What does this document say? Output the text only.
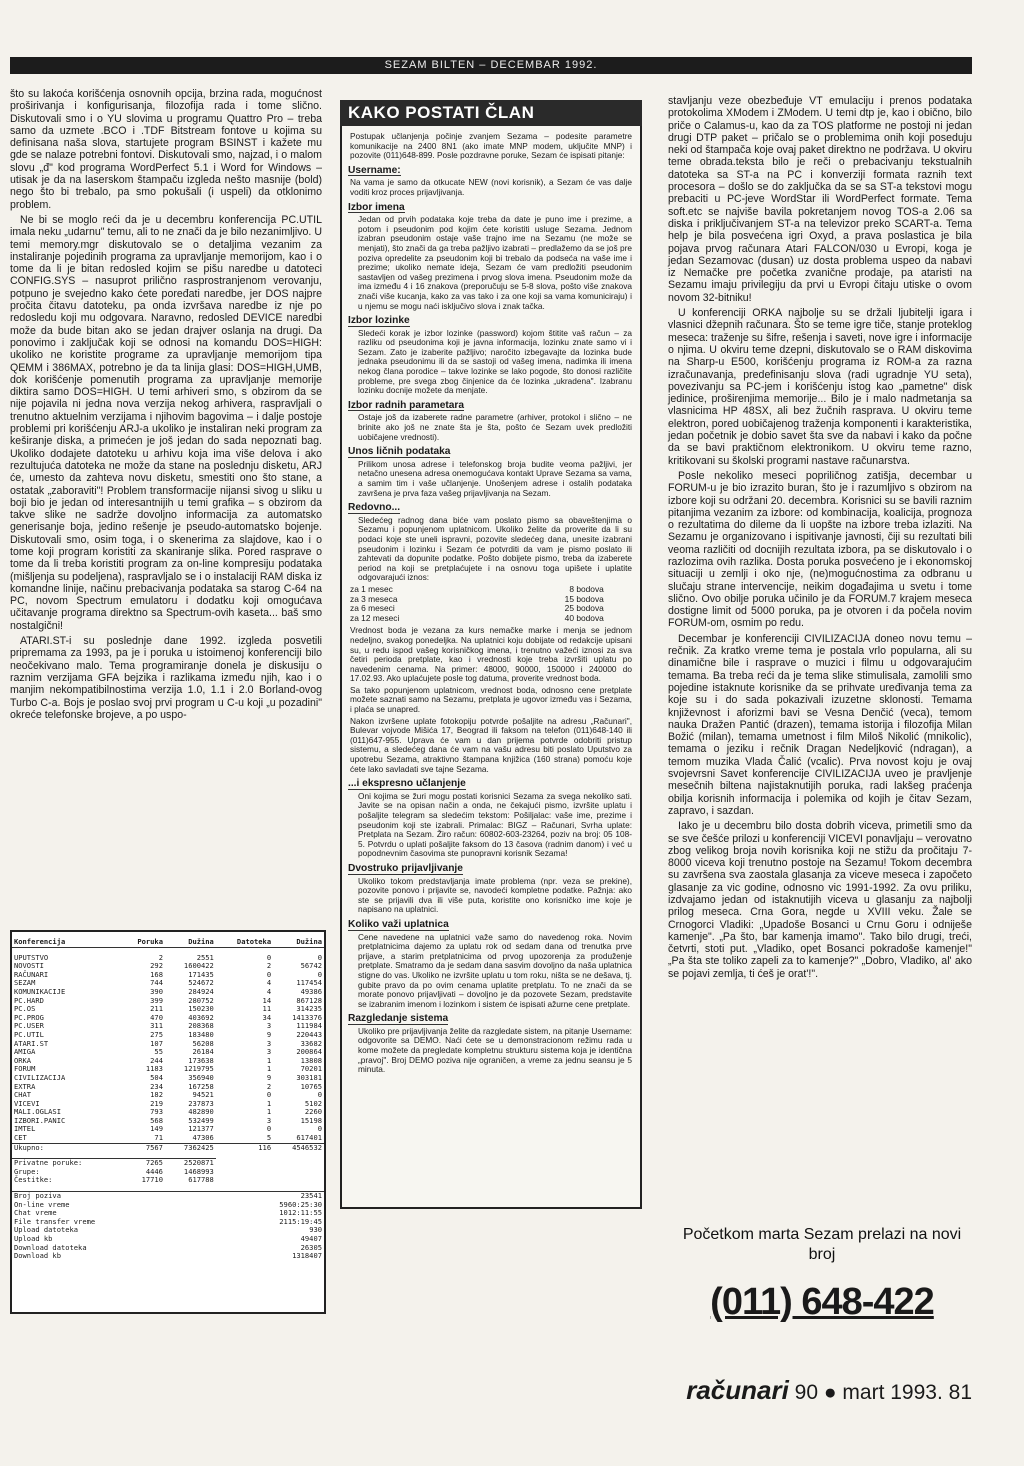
SEZAM BILTEN – DECEMBAR 1992.

što su lakoća korišćenja osnovnih opcija, brzina rada, mogućnost proširivanja i konfigurisanja, filozofija rada i tome slično. Diskutovali smo i o YU slovima u programu Quattro Pro – treba samo da uzmete .BCO i .TDF Bitstream fontove u kojima su definisana naša slova, startujete program BSINST i kažete mu gde se nalaze potrebni fontovi. Diskutovali smo, najzad, i o malom slovu „đ" kod programa WordPerfect 5.1 i Word for Windows – utisak je da na laserskom štampaču izgleda nešto masnije (bold) nego što bi trebalo, pa smo pokušali (i uspeli) da otklonimo problem.

Ne bi se moglo reći da je u decembru konferencija PC.UTIL imala neku „udarnu" temu, ali to ne znači da je bilo nezanimljivo. U temi memory.mgr diskutovalo se o detaljima vezanim za instaliranje pojedinih programa za upravljanje memorijom, kao i o tome da li je bitan redosled kojim se pišu naredbe u datoteci CONFIG.SYS – nasuprot prilično rasprostranjenom verovanju, potpuno je svejedno kako ćete poređati naredbe, jer DOS najpre pročita čitavu datoteku, pa onda izvršava naredbe iz nje po redosledu koji mu odgovara. Naravno, redosled DEVICE naredbi može da bude bitan ako se jedan drajver oslanja na drugi. Da ponovimo i zaključak koji se odnosi na komandu DOS=HIGH: ukoliko ne koristite programe za upravljanje memorijom tipa QEMM i 386MAX, potrebno je da ta linija glasi: DOS=HIGH,UMB, dok korišćenje pomenutih programa za upravljanje memorije diktira samo DOS=HIGH. U temi arhiveri smo, s obzirom da se nije pojavila ni jedna nova verzija nekog arhivera, raspravljali o trenutno aktuelnim verzijama i njihovim bagovima – i dalje postoje problemi pri korišćenju ARJ-a ukoliko je instaliran neki program za keširanje diska, a primećen je još jedan do sada nepoznati bag. Ukoliko dodajete datoteku u arhivu koja ima više delova i ako rezultujuća datoteka ne može da stane na poslednju disketu, ARJ će, umesto da zahteva novu disketu, smestiti ono što stane, a ostatak „zaboraviti"! Problem transformacije nijansi sivog u sliku u boji bio je jedan od interesantnijih u temi grafika – s obzirom da takve slike ne sadrže dovoljno informacija za automatsko generisanje boja, jedino rešenje je pseudo-automatsko bojenje. Diskutovali smo, osim toga, i o skenerima za slajdove, kao i o tome koji program koristiti za skaniranje slika. Pored rasprave o tome da li treba koristiti program za on-line kompresiju podataka (mišljenja su podeljena), raspravljalo se i o instalaciji RAM diska iz komandne linije, načinu prebacivanja podataka sa starog C-64 na PC, novom Spectrum emulatoru i dodatku koji omogućava učitavanje programa direktno sa Spectrum-ovih kaseta... baš smo nostalgični!

ATARI.ST-i su poslednje dane 1992. izgleda posvetili pripremama za 1993, pa je i poruka u istoimenoj konferenciji bilo neočekivano malo. Tema programiranje donela je diskusiju o raznim verzijama GFA bejzika i razlikama između njih, kao i o manjim nekompatibilnostima verzija 1.0, 1.1 i 2.0 Borland-ovog Turbo C-a. Bojs je poslao svoj prvi program u C-u koji „u pozadini" okreće telefonske brojeve, a po uspo-

KAKO POSTATI ČLAN

Postupak učlanjenja počinje zvanjem Sezama – podesite parametre komunikacije na 2400 8N1 (ako imate MNP modem, uključite MNP) i pozovite (011)648-899. Posle pozdravne poruke, Sezam će ispisati pitanje:

Username:

Na vama je samo da otkucate NEW (novi korisnik), a Sezam će vas dalje voditi kroz proces prijavljivanja.

Izbor imena

Jedan od prvih podataka koje treba da date je puno ime i prezime, a potom i pseudonim pod kojim ćete koristiti usluge Sezama. Jednom izabran pseudonim ostaje vaše trajno ime na Sezamu (ne može se menjati), što znači da ga treba pažljivo izabrati – predlažemo da se još pre poziva opredelite za pseudonim koji bi trebalo da podseća na vaše ime i prezime; ukoliko nemate ideja, Sezam će vam predložiti pseudonim sastavljen od vašeg prezimena i prvog slova imena. Pseudonim može da ima između 4 i 16 znakova (preporučuju se 5-8 slova, pošto više znakova znači više kucanja, kako za vas tako i za one koji sa vama komuniciraju) i u njemu se mogu naći isključivo slova i znak tačka.

Izbor lozinke

Sledeći korak je izbor lozinke (password) kojom štitite vaš račun – za razliku od pseudonima koji je javna informacija, lozinku znate samo vi i Sezam. Zato je izaberite pažljivo; naročito izbegavajte da lozinka bude jednaka pseudonimu ili da se sastoji od vašeg imena, nadimka ili imena nekog člana porodice – takve lozinke se lako pogode, što donosi različite probleme, pre svega zbog činjenice da će lozinka „ukradena". Izabranu lozinku docnije možete da menjate.

Izbor radnih parametara

Ostaje još da izaberete radne parametre (arhiver, protokol i slično – ne brinite ako još ne znate šta je šta, pošto će Sezam uvek predložiti uobičajene vrednosti).

Unos ličnih podataka

Prilikom unosa adrese i telefonskog broja budite veoma pažljivi, jer netačno unesena adresa onemogućava kontakt Uprave Sezama sa vama, a samim tim i vaše učlanjenje. Unošenjem adrese i ostalih podataka završena je prva faza vašeg prijavljivanja na Sezam.

Redovno...

Sledećeg radnog dana biće vam poslato pismo sa obaveštenjima o Sezamu i popunjenom uplatnicom. Ukoliko želite da proverite da li su podaci koje ste uneli ispravni, pozovite sledećeg dana, unesite izabrani pseudonim i lozinku i Sezam će potvrditi da vam je pismo poslato ili zahtevati da dopunite podatke. Pošto dobijete pismo, treba da izaberete period na koji se pretplaćujete i na osnovu toga upišete i uplatite odgovarajući iznos:

za 1 mesec	8 bodova
za 3 meseca	15 bodova
za 6 meseci	25 bodova
za 12 meseci	40 bodova

Vrednost boda je vezana za kurs nemačke marke i menja se jednom nedeljno, svakog ponedeljka. Na uplatnici koju dobijate od redakcije upisani su, u redu ispod vašeg korisničkog imena, i trenutno važeći iznosi za sva četiri perioda pretplate, kao i vrednosti koje treba izvršiti uplatu po navedenim cenama. Na primer: 48000, 90000, 150000 i 240000 do 17.02.93. Ako uplaćujete posle tog datuma, proverite vrednost boda.

Sa tako popunjenom uplatnicom, vrednost boda, odnosno cene pretplate možete saznati samo na Sezamu, pretplata je ugovor između vas i Sezama, i plaća se unapred.

Nakon izvršene uplate fotokopiju potvrde pošaljite na adresu „Računari", Bulevar vojvode Mišića 17, Beograd ili faksom na telefon (011)648-140 ili (011)647-955. Uprava će vam u dan prijema potvrde odobriti pristup sistemu, a sledećeg dana će vam na vašu adresu biti poslato Uputstvo za upotrebu Sezama, atraktivno štampana knjižica (160 strana) pomoću koje ćete lako savladati sve tajne Sezama.

...i ekspresno učlanjenje

Oni kojima se žuri mogu postati korisnici Sezama za svega nekoliko sati. Javite se na opisan način a onda, ne čekajući pismo, izvršite uplatu i pošaljite telegram sa sledećim tekstom: Pošiljalac: vaše ime, prezime i pseudonim koji ste izabrali. Primalac: BIGZ – Računari, Svrha uplate: Pretplata na Sezam. Žiro račun: 60802-603-23264, poziv na broj: 05 108-5. Potvrdu o uplati pošaljite faksom do 13 časova (radnim danom) i već u popodnevnim časovima ste punopravni korisnik Sezama!

Dvostruko prijavljivanje

Ukoliko tokom predstavljanja imate problema (npr. veza se prekine), pozovite ponovo i prijavite se, navodeći kompletne podatke. Pažnja: ako ste se prijavili dva ili više puta, koristite ono korisničko ime koje je napisano na uplatnici.

Koliko važi uplatnica

Cene navedene na uplatnici važe samo do navedenog roka. Novim pretplatnicima dajemo za uplatu rok od sedam dana od trenutka prve prijave, a starim pretplatnicima od prvog upozorenja za produženje pretplate. Smatramo da je sedam dana sasvim dovoljno da naša uplatnica stigne do vas. Ukoliko ne izvršite uplatu u tom roku, ništa se ne dešava, tj. gubite pravo da po ovim cenama uplatite pretplatu. To ne znači da se morate ponovo prijavljivati – dovoljno je da pozovete Sezam, predstavite se izabranim imenom i lozinkom i sistem će ispisati ažurne cene pretplate.

Razgledanje sistema

Ukoliko pre prijavljivanja želite da razgledate sistem, na pitanje Username: odgovorite sa DEMO. Naći ćete se u demonstracionom režimu rada u kome možete da pregledate kompletnu strukturu sistema koja je identična „pravoj". Broj DEMO poziva nije ograničen, a vreme za jednu seansu je 5 minuta.

stavljanju veze obezbeđuje VT emulaciju i prenos podataka protokolima XModem i ZModem. U temi dtp je, kao i obično, bilo priče o Calamus-u, kao da za TOS platforme ne postoji ni jedan drugi DTP paket – pričalo se o problemima onih koji poseduju neki od štampača koje ovaj paket direktno ne podržava. U okviru teme obrada.teksta bilo je reči o prebacivanju tekstualnih datoteka sa ST-a na PC i konverziji formata raznih text procesora – došlo se do zaključka da se sa ST-a tekstovi mogu prebaciti u PC-jeve WordStar ili WordPerfect formate. Tema soft.etc se najviše bavila pokretanjem novog TOS-a 2.06 sa diska i priključivanjem ST-a na televizor preko SCART-a. Tema help je bila posvećena igri Oxyd, a prava poslastica je bila pojava prvog računara Atari FALCON/030 u Evropi, koga je jedan Sezamovac (dusan) uz dosta problema uspeo da nabavi iz Nemačke pre početka zvanične prodaje, pa ataristi na Sezamu imaju privilegiju da prvi u Evropi čitaju utiske o ovom novom 32-bitniku!

U konferenciji ORKA najbolje su se držali ljubitelji igara i vlasnici džepnih računara. Što se teme igre tiče, stanje proteklog meseca: traženje su šifre, rešenja i saveti, nove igre i informacije o njima. U okviru teme dzepni, diskutovalo se o RAM diskovima na Sharp-u E500, korišćenju programa iz ROM-a za razna izračunavanja, predefinisanju slova (radi ugradnje YU seta), povezivanju sa PC-jem i korišćenju istog kao „pametne" disk jedinice, proširenjima memorije... Bilo je i malo nadmetanja sa vlasnicima HP 48SX, ali bez žučnih rasprava. U okviru teme elektron, pored uobičajenog traženja komponenti i karakteristika, jedan početnik je dobio savet šta sve da nabavi i kako da počne da se bavi praktičnom elektronikom. U okviru teme razno, kritikovani su školski programi nastave računarstva.

Posle nekoliko meseci popriličnog zatišja, decembar u FORUM-u je bio izrazito buran, što je i razumljivo s obzirom na izbore koji su održani 20. decembra. Korisnici su se bavili raznim pitanjima vezanim za izbore: od kombinacija, koalicija, prognoza o rezultatima do dileme da li uopšte na izbore treba izlaziti. Na Sezamu je organizovano i ispitivanje javnosti, čiji su rezultati bili veoma različiti od docnijih rezultata izbora, pa se diskutovalo i o razlozima ovih razlika. Dosta poruka posvećeno je i ekonomskoj situaciji u zemlji i oko nje, (ne)mogućnostima za odbranu u slučaju strane intervencije, neikim događajima u svetu i tome slično. Ovo obilje poruka učinilo je da FORUM.7 krajem meseca dostigne limit od 5000 poruka, pa je otvoren i da počela novim FORUM-om, osmim po redu.

Decembar je konferenciji CIVILIZACIJA doneo novu temu – rečnik. Za kratko vreme tema je postala vrlo popularna, ali su dinamične bile i rasprave o muzici i filmu u odgovarajućim temama. Ba treba reći da je tema slike stimulisala, zamolili smo pojedine istaknute korisnike da se prihvate uređivanja tema za koje su i do sada pokazivali izuzetne sklonosti. Temama književnost i aforizmi bavi se Vesna Denčić (veca), temom nauka Dražen Pantić (drazen), temama istorija i filozofija Milan Božić (milan), temama umetnost i film Miloš Nikolić (mnikolic), temama o jeziku i rečnik Dragan Nedeljković (ndragan), a temom muzika Vlada Čalić (vcalic). Prva novost koju je ovaj svojevrsni Savet konferencije CIVILIZACIJA uveo je pravljenje mesečnih biltena najistaknutijih poruka, radi lakšeg praćenja obilja korisnih informacija i polemika od kojih je čitav Sezam, zapravo, i sazdan.

Iako je u decembru bilo dosta dobrih viceva, primetili smo da se sve češće prilozi u konferenciji VICEVI ponavljaju – verovatno zbog velikog broja novih korisnika koji ne stižu da pročitaju 7-8000 viceva koji trenutno postoje na Sezamu! Tokom decembra su završena sva zaostala glasanja za viceve meseca i započeto glasanje za vic godine, odnosno vic 1991-1992. Za ovu priliku, izdvajamo jedan od istaknutijih viceva u glasanju za najbolji prilog meseca. Crna Gora, negde u XVIII veku. Žale se Crnogorci Vladiki: „Upadoše Bosanci u Crnu Goru i odniješe kamenje". „Pa što, bar kamenja imamo". Tako bilo drugi, treći, četvrti, stoti put. „Vladiko, opet Bosanci pokradoše kamenje!" „Pa šta ste toliko zapeli za to kamenje?" „Dobro, Vladiko, al' ako se pojavi zemlja, ti ćeš je orat'!".

Konferencija	Poruka	Dužina	Datoteka	Dužina

UPUTSTVO	2	2551	0	0
NOVOSTI	292	1600422	2	56742
RAČUNARI	168	171435	0	0
SEZAM	744	524672	4	117454
KOMUNIKACIJE	390	284924	4	49386
PC.HARD	399	280752	14	867128
PC.OS	211	150230	11	314235
PC.PROG	470	403692	34	1413376
PC.USER	311	208368	3	111984
PC.UTIL	275	183480	9	220443
ATARI.ST	107	56208	3	33682
AMIGA	55	26184	3	200864
ORKA	244	173638	1	13808
FORUM	1183	1219795	1	70201
CIVILIZACIJA	504	356940	9	303181
EXTRA	234	167258	2	10765
CHAT	182	94521	0	0
VICEVI	219	237873	1	5102
MALI.OGLASI	793	482890	1	2260
IZBORI.PANIC	568	532499	3	15198
IMTEL	149	121377	0	0
CET	71	47306	5	617401
Ukupno:	7567	7362425	116	4546532

Privatne poruke:	7265	2520871		
Grupe:	4446	1468993		
Čestitke:	17710	617788		

Broj poziva			23541	
On-line vreme			5960:25:30	
Chat vreme			1012:11:55	
File transfer vreme			2115:19:45	
Upload datoteka			930	
Upload kb			49407	
Download datoteka			26305	
Download kb			1318407	
Početkom marta Sezam prelazi na novi broj
(011) 648-422
računari 90 ● mart 1993. 81
